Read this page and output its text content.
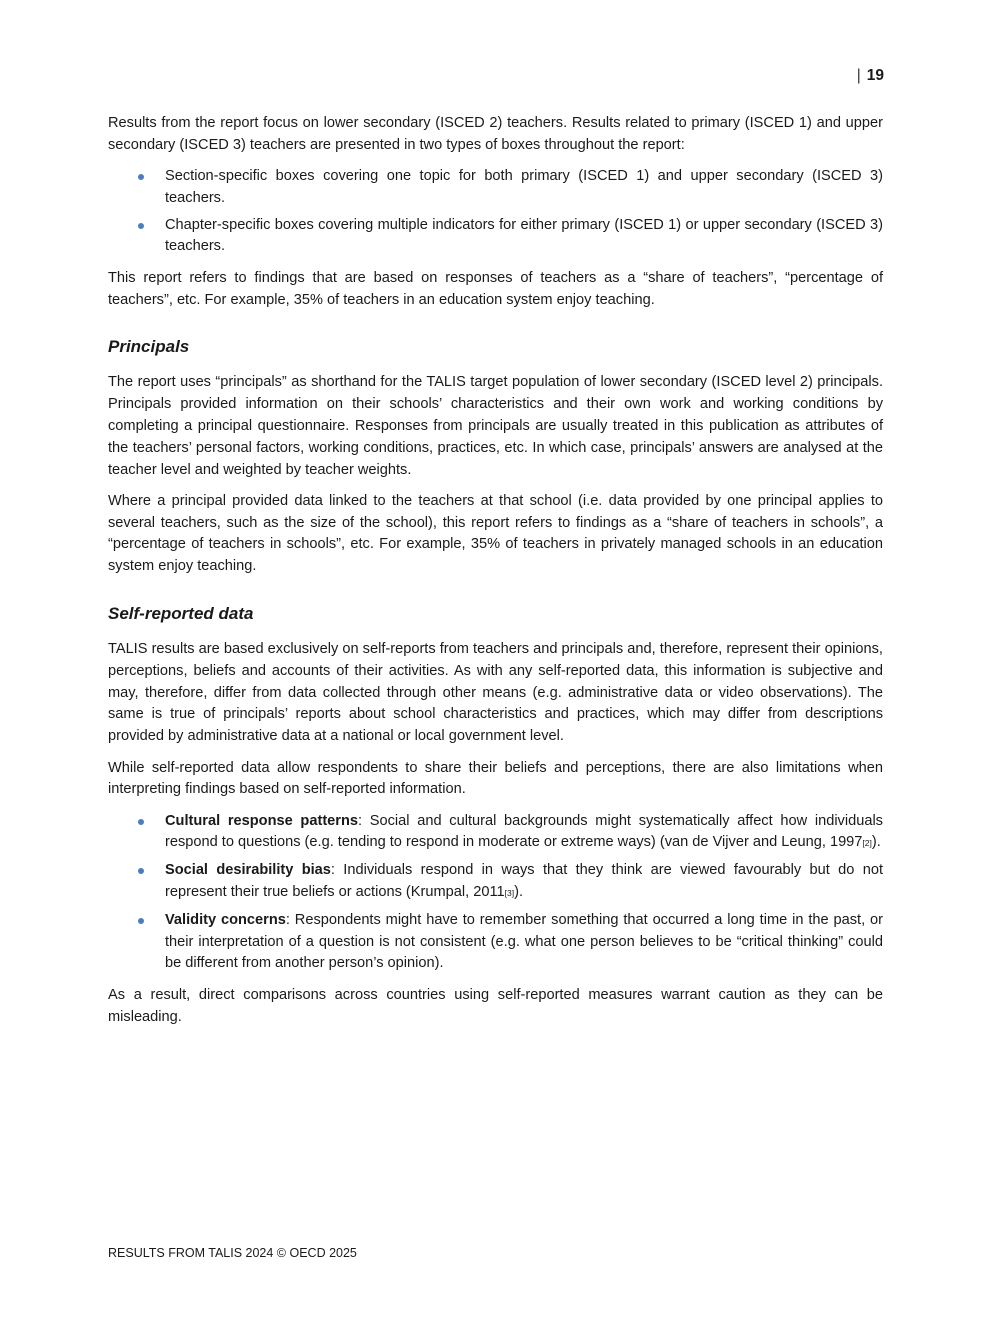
| 19

Results from the report focus on lower secondary (ISCED 2) teachers. Results related to primary (ISCED 1) and upper secondary (ISCED 3) teachers are presented in two types of boxes throughout the report:

Section-specific boxes covering one topic for both primary (ISCED 1) and upper secondary (ISCED 3) teachers.
Chapter-specific boxes covering multiple indicators for either primary (ISCED 1) or upper secondary (ISCED 3) teachers.

This report refers to findings that are based on responses of teachers as a “share of teachers”, “percentage of teachers”, etc. For example, 35% of teachers in an education system enjoy teaching.

Principals

The report uses “principals” as shorthand for the TALIS target population of lower secondary (ISCED level 2) principals. Principals provided information on their schools’ characteristics and their own work and working conditions by completing a principal questionnaire. Responses from principals are usually treated in this publication as attributes of the teachers’ personal factors, working conditions, practices, etc. In which case, principals’ answers are analysed at the teacher level and weighted by teacher weights.

Where a principal provided data linked to the teachers at that school (i.e. data provided by one principal applies to several teachers, such as the size of the school), this report refers to findings as a “share of teachers in schools”, a “percentage of teachers in schools”, etc. For example, 35% of teachers in privately managed schools in an education system enjoy teaching.

Self-reported data

TALIS results are based exclusively on self-reports from teachers and principals and, therefore, represent their opinions, perceptions, beliefs and accounts of their activities. As with any self-reported data, this information is subjective and may, therefore, differ from data collected through other means (e.g. administrative data or video observations). The same is true of principals’ reports about school characteristics and practices, which may differ from descriptions provided by administrative data at a national or local government level.

While self-reported data allow respondents to share their beliefs and perceptions, there are also limitations when interpreting findings based on self-reported information.

Cultural response patterns: Social and cultural backgrounds might systematically affect how individuals respond to questions (e.g. tending to respond in moderate or extreme ways) (van de Vijver and Leung, 1997[2]).
Social desirability bias: Individuals respond in ways that they think are viewed favourably but do not represent their true beliefs or actions (Krumpal, 2011[3]).
Validity concerns: Respondents might have to remember something that occurred a long time in the past, or their interpretation of a question is not consistent (e.g. what one person believes to be “critical thinking” could be different from another person’s opinion).

As a result, direct comparisons across countries using self-reported measures warrant caution as they can be misleading.

RESULTS FROM TALIS 2024 © OECD 2025
